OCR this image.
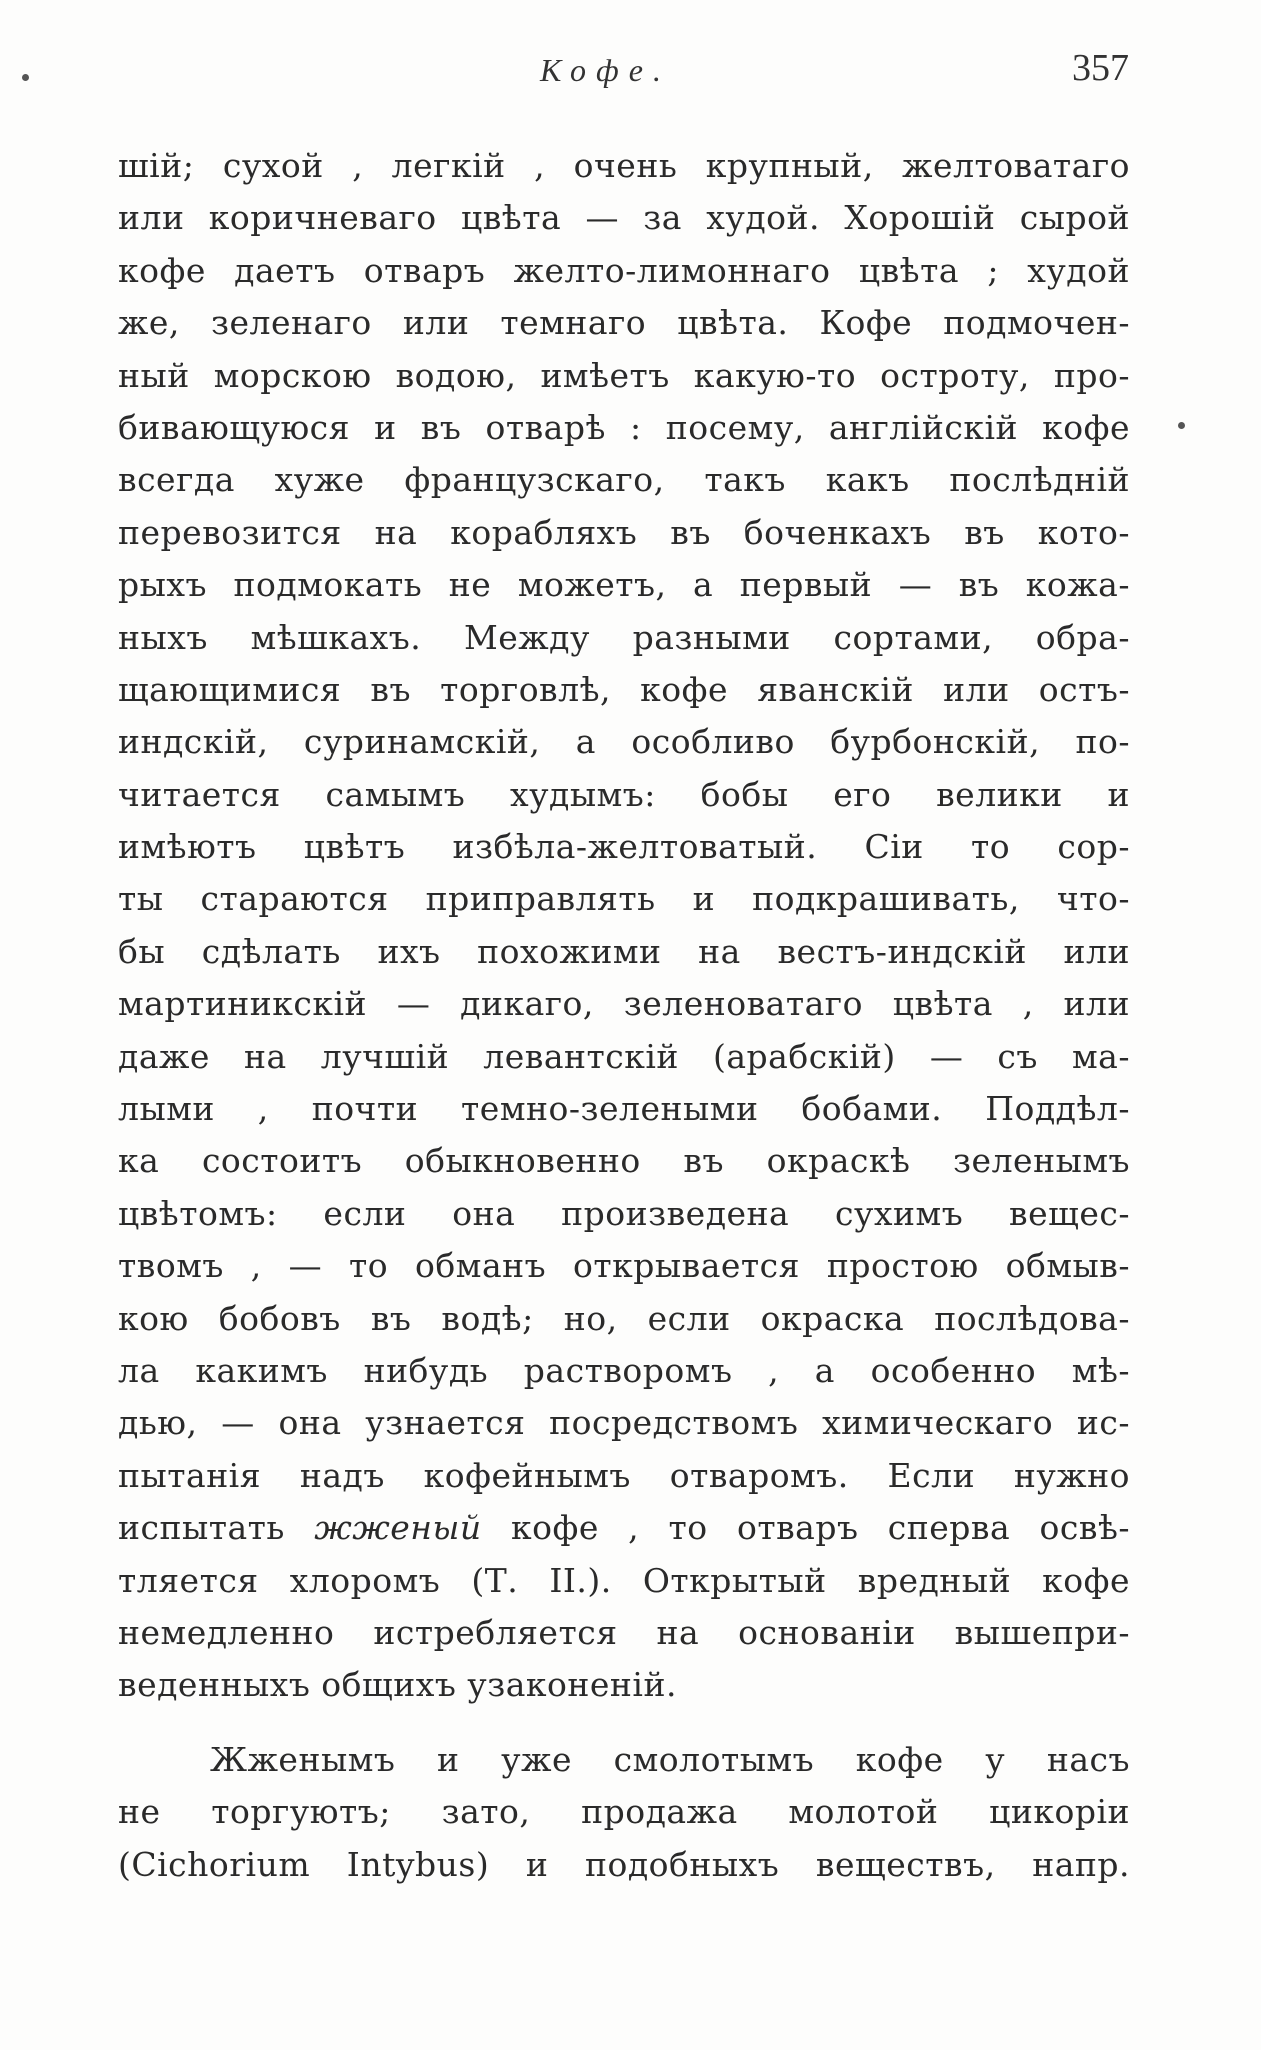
Кофе.	357
шій; сухой , легкій , очень крупный, желтоватаго
или коричневаго цвѣта — за худой. Хорошій сырой
кофе даетъ отваръ желто-лимоннаго цвѣта ; худой
же, зеленаго или темнаго цвѣта. Кофе подмочен-
ный морскою водою, имѣетъ какую-то остроту, про-
бивающуюся и въ отварѣ : посему, англійскій кофе
всегда хуже французскаго, такъ какъ послѣдній
перевозится на корабляхъ въ боченкахъ въ кото-
рыхъ подмокать не можетъ, а первый — въ кожа-
ныхъ мѣшкахъ. Между разными сортами, обра-
щающимися въ торговлѣ, кофе яванскій или остъ-
индскій, суринамскій, а особливо бурбонскій, по-
читается самымъ худымъ: бобы его велики и
имѣютъ цвѣтъ избѣла-желтоватый. Сіи то сор-
ты стараются приправлять и подкрашивать, что-
бы сдѣлать ихъ похожими на вестъ-индскій или
мартиникскій — дикаго, зеленоватаго цвѣта , или
даже на лучшій левантскій (арабскій) — съ ма-
лыми , почти темно-зелеными бобами. Поддѣл-
ка состоитъ обыкновенно въ окраскѣ зеленымъ
цвѣтомъ: если она произведена сухимъ вещес-
твомъ , — то обманъ открывается простою обмыв-
кою бобовъ въ водѣ; но, если окраска послѣдова-
ла какимъ нибудь растворомъ , а особенно мѣ-
дью, — она узнается посредствомъ химическаго ис-
пытанія надъ кофейнымъ отваромъ. Если нужно
испытать жженый кофе , то отваръ сперва освѣ-
тляется хлоромъ (Т. II.). Открытый вредный кофе
немедленно истребляется на основаніи вышепри-
веденныхъ общихъ узаконеній.
Жженымъ и уже смолотымъ кофе у насъ
не торгуютъ; зато, продажа молотой цикоріи
(Cichorium Intybus) и подобныхъ веществъ, напр.
